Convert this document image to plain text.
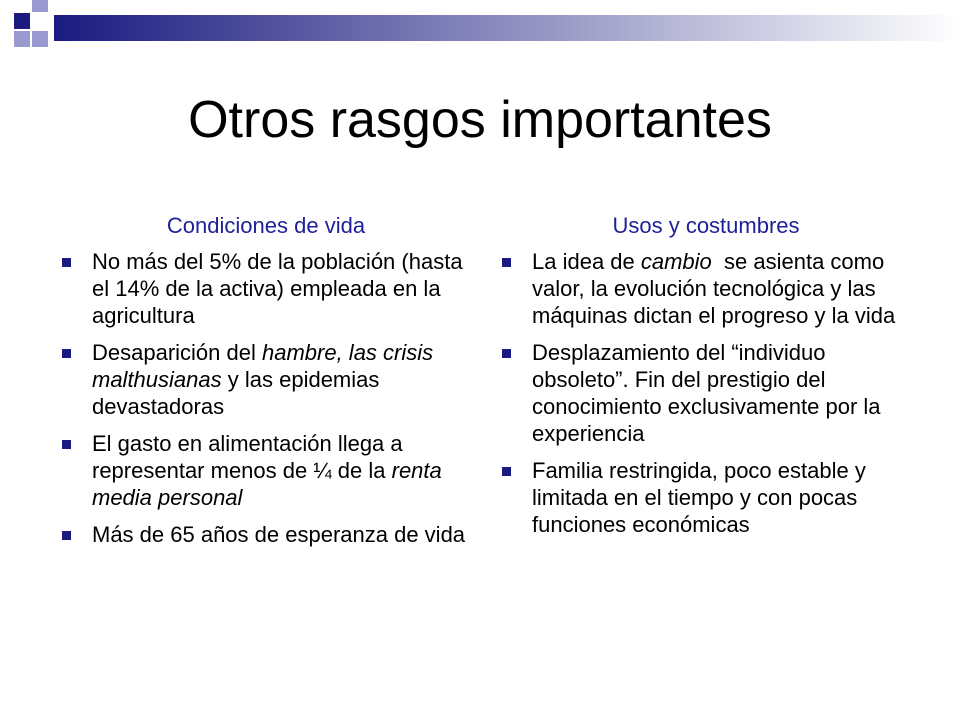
Otros rasgos importantes
Condiciones de vida
No más del 5% de la población (hasta el 14% de la activa) empleada en la agricultura
Desaparición del hambre, las crisis malthusianas y las epidemias devastadoras
El gasto en alimentación llega a representar menos de ¼ de la renta media personal
Más de 65 años de esperanza de vida
Usos y costumbres
La idea de cambio  se asienta como valor, la evolución tecnológica y las máquinas dictan el progreso y la vida
Desplazamiento del “individuo obsoleto”. Fin del prestigio del conocimiento exclusivamente por la experiencia
Familia restringida, poco estable y limitada en el tiempo y con pocas funciones económicas
